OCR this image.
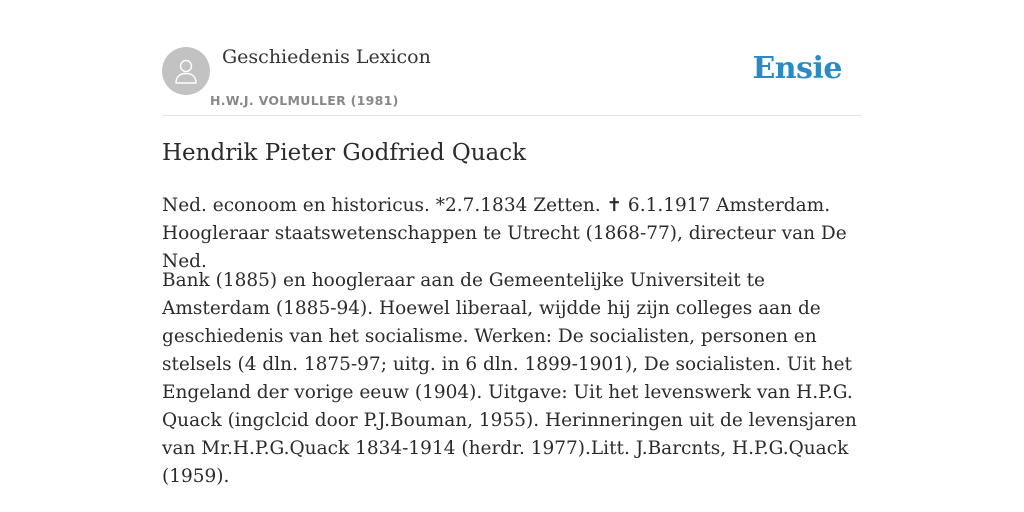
Geschiedenis Lexicon
H.W.J. VOLMULLER (1981)
Ensie
Hendrik Pieter Godfried Quack

Ned. econoom en historicus. *2.7.1834 Zetten. ✝ 6.1.1917 Amsterdam. Hoogleraar staatswetenschappen te Utrecht (1868-77), directeur van De Ned.

Bank (1885) en hoogleraar aan de Gemeentelijke Universiteit te Amsterdam (1885-94). Hoewel liberaal, wijdde hij zijn colleges aan de geschiedenis van het socialisme. Werken: De socialisten, personen en stelsels (4 dln. 1875-97; uitg. in 6 dln. 1899-1901), De socialisten. Uit het Engeland der vorige eeuw (1904). Uitgave: Uit het levenswerk van H.P.G. Quack (ingclcid door P.J.Bouman, 1955). Herinneringen uit de levensjaren van Mr.H.P.G.Quack 1834-1914 (herdr. 1977).Litt. J.Barcnts, H.P.G.Quack (1959).
